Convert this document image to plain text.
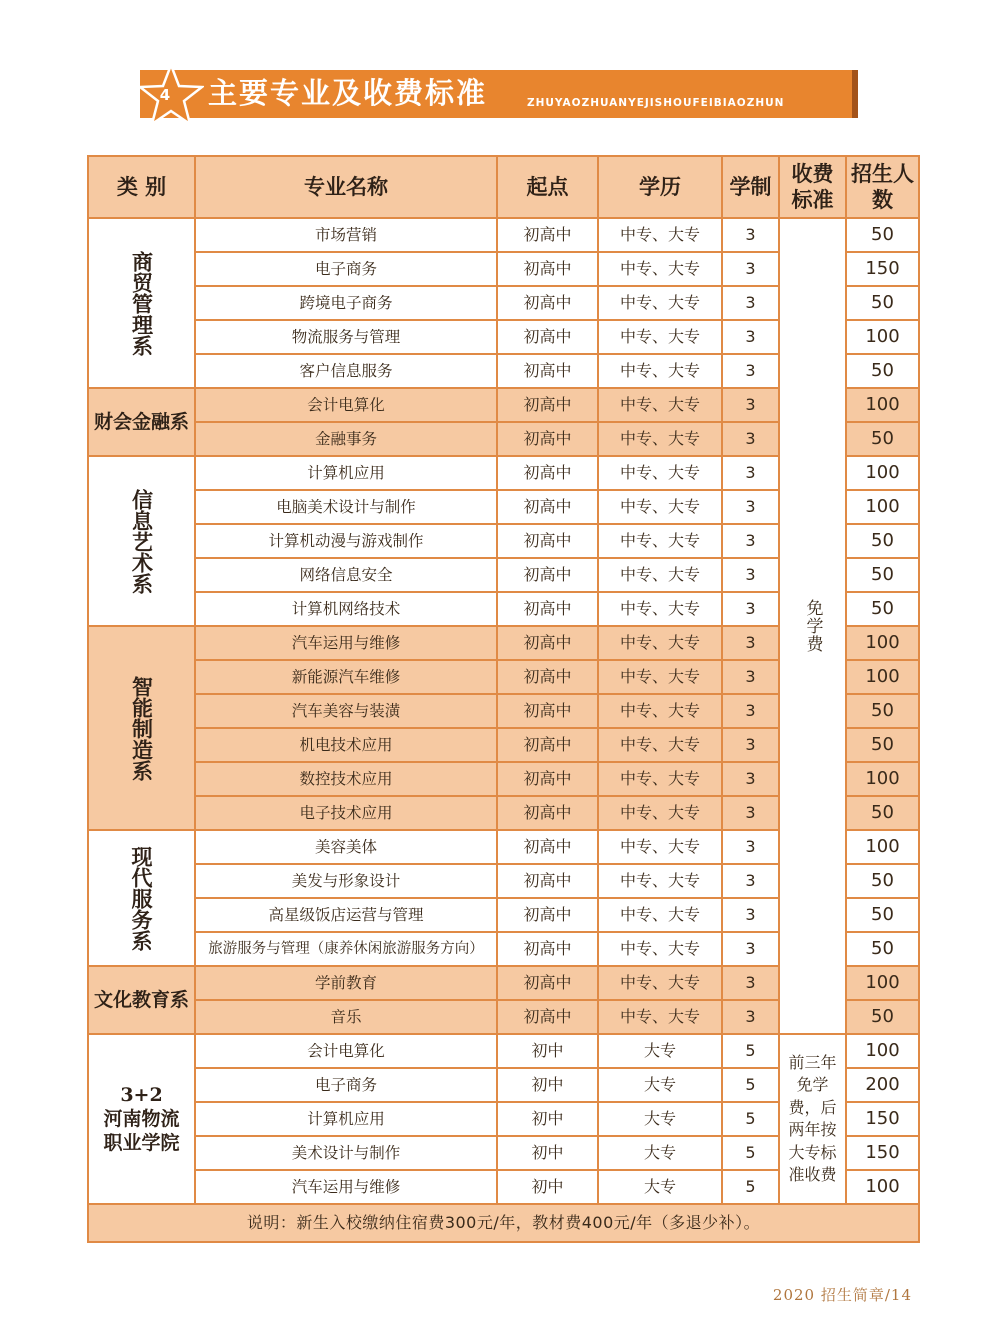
4 主要专业及收费标准	ZHUYAOZHUANYEJISHOUFEIBIAOZHUN
类 别	专业名称	起点	学历	学制	收费标准	招生人数
商贸管理系	市场营销	初高中	中专、大专	3	免学费	50
	电子商务	初高中	中专、大专	3		150
	跨境电子商务	初高中	中专、大专	3		50
	物流服务与管理	初高中	中专、大专	3		100
	客户信息服务	初高中	中专、大专	3		50
财会金融系	会计电算化	初高中	中专、大专	3		100
	金融事务	初高中	中专、大专	3		50
信息艺术系	计算机应用	初高中	中专、大专	3		100
	电脑美术设计与制作	初高中	中专、大专	3		100
	计算机动漫与游戏制作	初高中	中专、大专	3		50
	网络信息安全	初高中	中专、大专	3		50
	计算机网络技术	初高中	中专、大专	3		50
智能制造系	汽车运用与维修	初高中	中专、大专	3		100
	新能源汽车维修	初高中	中专、大专	3		100
	汽车美容与装潢	初高中	中专、大专	3		50
	机电技术应用	初高中	中专、大专	3		50
	数控技术应用	初高中	中专、大专	3		100
	电子技术应用	初高中	中专、大专	3		50
现代服务系	美容美体	初高中	中专、大专	3		100
	美发与形象设计	初高中	中专、大专	3		50
	高星级饭店运营与管理	初高中	中专、大专	3		50
	旅游服务与管理（康养休闲旅游服务方向）	初高中	中专、大专	3		50
文化教育系	学前教育	初高中	中专、大专	3		100
	音乐	初高中	中专、大专	3		50

3+2
河南物流
职业学院	会计电算化	初中	大专	5	前三年免学费，后两年按大专标准收费	100
	电子商务	初中	大专	5		200
	计算机应用	初中	大专	5		150
	美术设计与制作	初中	大专	5		150
	汽车运用与维修	初中	大专	5		100
说明：新生入校缴纳住宿费300元/年，教材费400元/年（多退少补）。						
2020 招生简章/14
